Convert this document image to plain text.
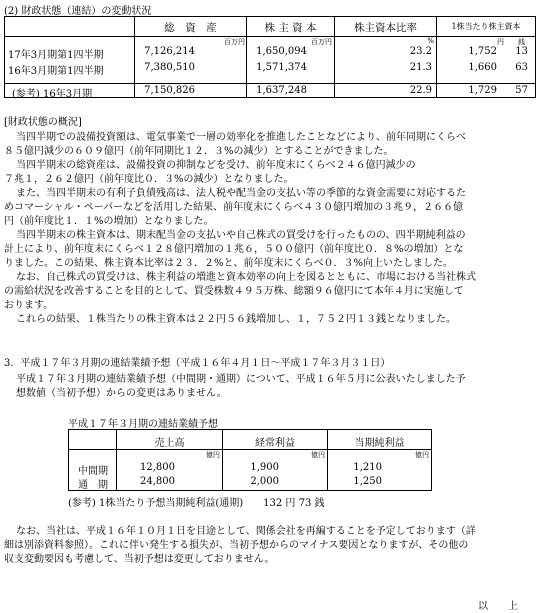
(2) 財政状態（連結）の変動状況
総　資　産	株 主 資 本	株主資本比率	1株当たり株主資本
百万円	百万円	%	円　　銭
17年3月期第1四半期	7,126,214	1,650,094	23.2	1,752	13
16年3月期第1四半期	7,380,510	1,571,374	21.3	1,660	63
(参考) 16年3月期	7,150,826	1,637,248	22.9	1,729	57
[財政状態の概況]
当四半期での設備投資額は、電気事業で一層の効率化を推進したことなどにより、前年同期にくらべ
８５億円減少の６０９億円（前年同期比１２．３%の減少）とすることができました。
当四半期末の総資産は、設備投資の抑制などを受け、前年度末にくらべ２４６億円減少の
７兆１，２６２億円（前年度比０．３%の減少）となりました。
また、当四半期末の有利子負債残高は、法人税や配当金の支払い等の季節的な資金需要に対応するた
めコマーシャル・ペーパーなどを活用した結果、前年度末にくらべ４３０億円増加の３兆９，２６６億
円（前年度比１．１%の増加）となりました。
当四半期末の株主資本は、期末配当金の支払いや自己株式の買受けを行ったものの、四半期純利益の
計上により、前年度末にくらべ１２８億円増加の１兆６，５００億円（前年度比０．８%の増加）とな
りました。この結果、株主資本比率は２３．２%と、前年度末にくらべ０．３%向上いたしました。
なお、自己株式の買受けは、株主利益の増進と資本効率の向上を図るとともに、市場における当社株式
の需給状況を改善することを目的として、買受株数４９５万株、総額９６億円にて本年４月に実施して
おります。
これらの結果、１株当たりの株主資本は２２円５６銭増加し、１，７５２円１３銭となりました。
3．平成１７年３月期の連結業績予想（平成１６年４月１日〜平成１７年３月３１日）
平成１７年３月期の連結業績予想（中間期・通期）について、平成１６年５月に公表いたしました予
想数値（当初予想）からの変更はありません。
平成１７年３月期の連結業績予想
売上高	経常利益	当期純利益
億円	億円	億円
中間期	12,800	1,900	1,210
通　期	24,800	2,000	1,250
(参考) 1株当たり予想当期純利益(通期)　　132 円 73 銭
なお、当社は、平成１６年１０月１日を目途として、関係会社を再編することを予定しております（詳
細は別添資料参照）。これに伴い発生する損失が、当初予想からのマイナス要因となりますが、その他の
収支変動要因も考慮して、当初予想は変更しておりません。
以　　上
